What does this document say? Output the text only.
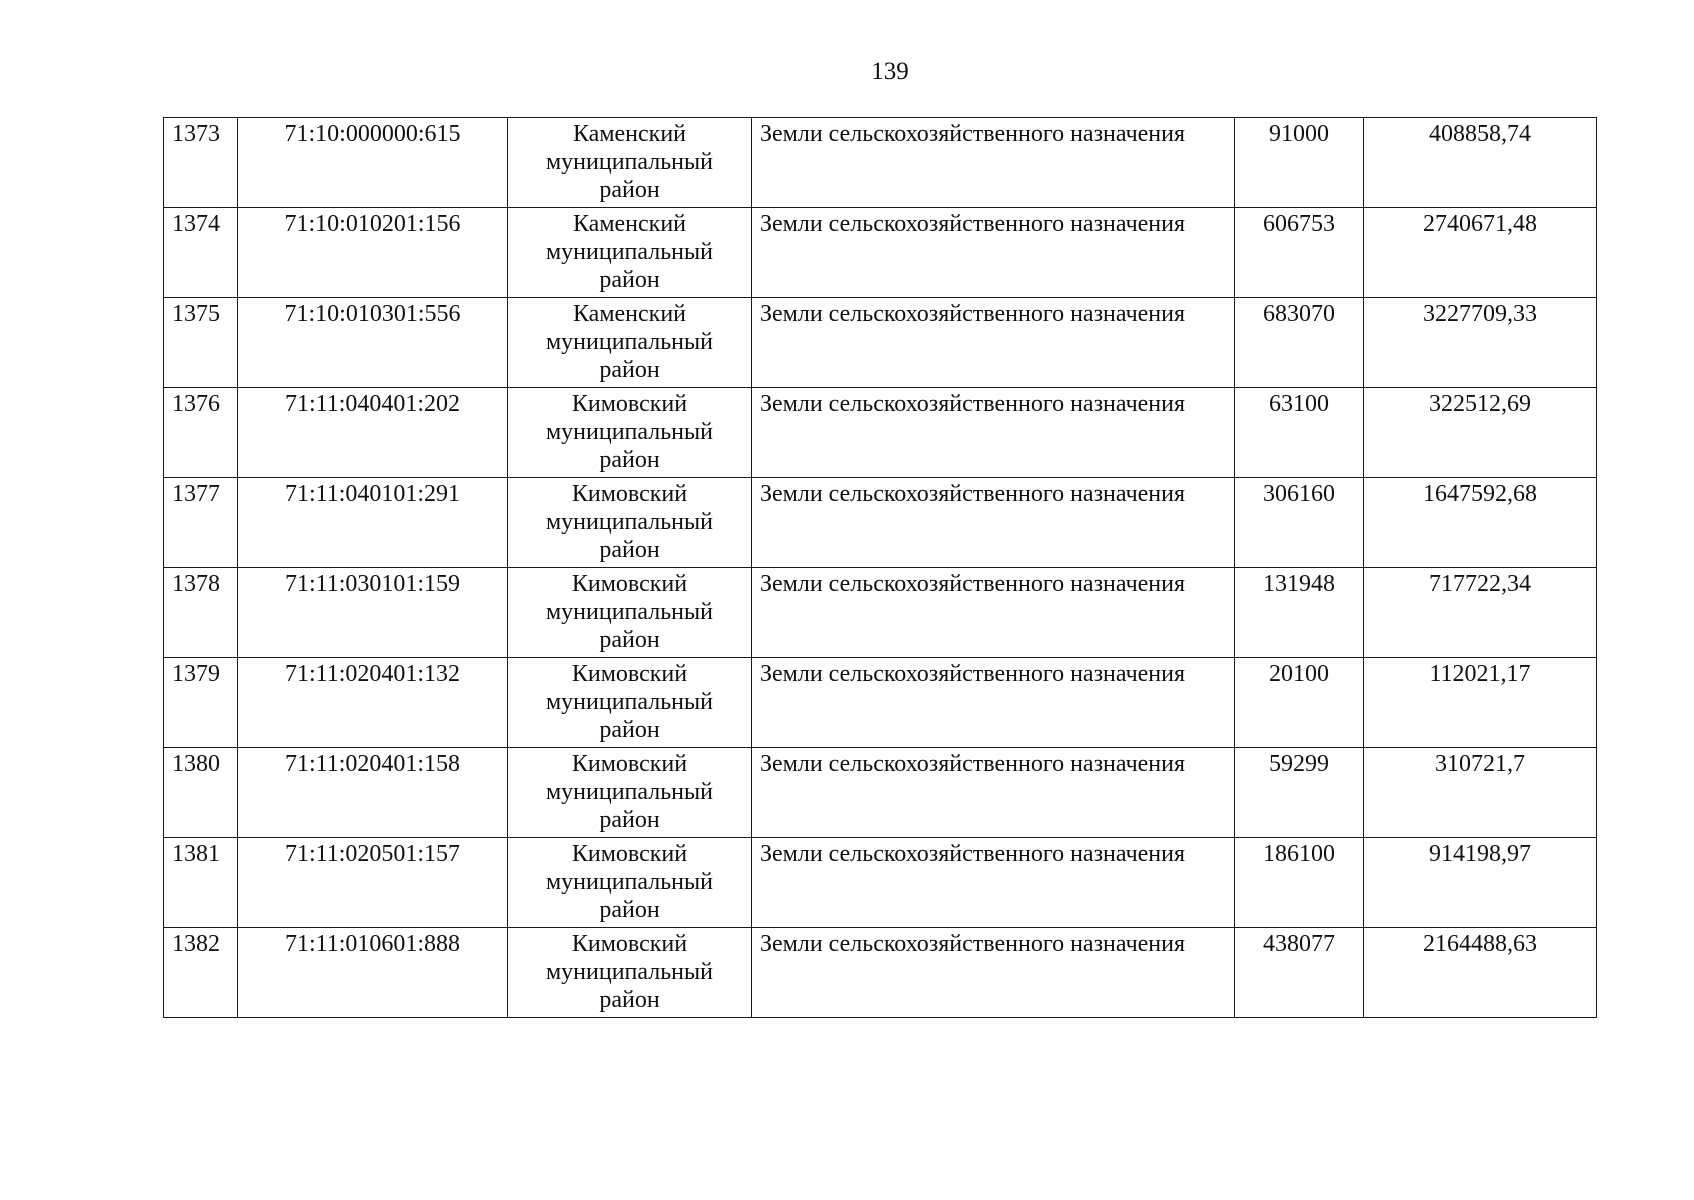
139
1373	71:10:000000:615	Каменский
муниципальный
район	Земли сельскохозяйственного назначения	91000	408858,74
1374	71:10:010201:156	Каменский
муниципальный
район	Земли сельскохозяйственного назначения	606753	2740671,48
1375	71:10:010301:556	Каменский
муниципальный
район	Земли сельскохозяйственного назначения	683070	3227709,33
1376	71:11:040401:202	Кимовский
муниципальный
район	Земли сельскохозяйственного назначения	63100	322512,69
1377	71:11:040101:291	Кимовский
муниципальный
район	Земли сельскохозяйственного назначения	306160	1647592,68
1378	71:11:030101:159	Кимовский
муниципальный
район	Земли сельскохозяйственного назначения	131948	717722,34
1379	71:11:020401:132	Кимовский
муниципальный
район	Земли сельскохозяйственного назначения	20100	112021,17
1380	71:11:020401:158	Кимовский
муниципальный
район	Земли сельскохозяйственного назначения	59299	310721,7
1381	71:11:020501:157	Кимовский
муниципальный
район	Земли сельскохозяйственного назначения	186100	914198,97
1382	71:11:010601:888	Кимовский
муниципальный
район	Земли сельскохозяйственного назначения	438077	2164488,63
